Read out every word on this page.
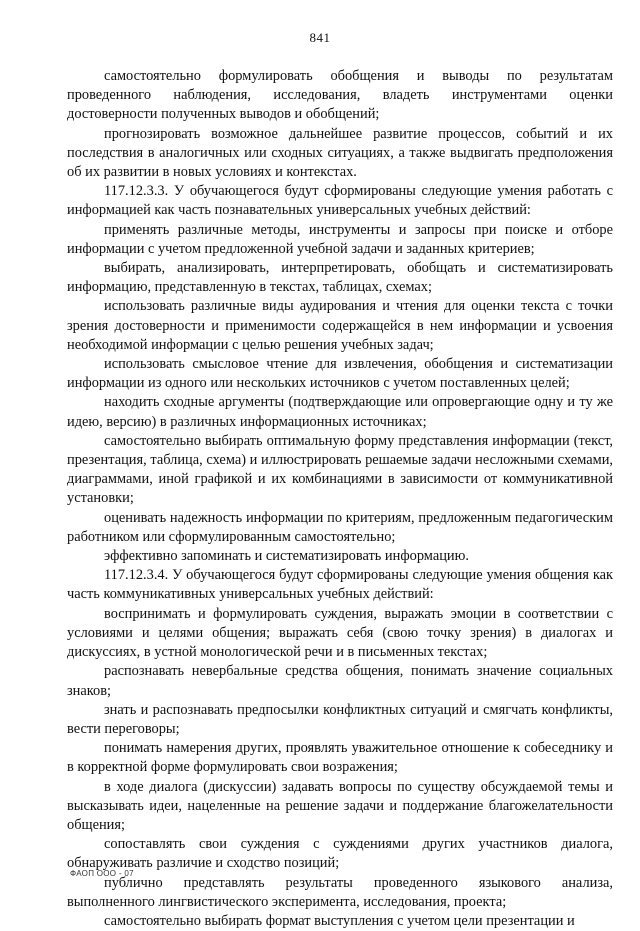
841

самостоятельно формулировать обобщения и выводы по результатам проведенного наблюдения, исследования, владеть инструментами оценки достоверности полученных выводов и обобщений;

прогнозировать возможное дальнейшее развитие процессов, событий и их последствия в аналогичных или сходных ситуациях, а также выдвигать предположения об их развитии в новых условиях и контекстах.

117.12.3.3. У обучающегося будут сформированы следующие умения работать с информацией как часть познавательных универсальных учебных действий:

применять различные методы, инструменты и запросы при поиске и отборе информации с учетом предложенной учебной задачи и заданных критериев;

выбирать, анализировать, интерпретировать, обобщать и систематизировать информацию, представленную в текстах, таблицах, схемах;

использовать различные виды аудирования и чтения для оценки текста с точки зрения достоверности и применимости содержащейся в нем информации и усвоения необходимой информации с целью решения учебных задач;

использовать смысловое чтение для извлечения, обобщения и систематизации информации из одного или нескольких источников с учетом поставленных целей;

находить сходные аргументы (подтверждающие или опровергающие одну и ту же идею, версию) в различных информационных источниках;

самостоятельно выбирать оптимальную форму представления информации (текст, презентация, таблица, схема) и иллюстрировать решаемые задачи несложными схемами, диаграммами, иной графикой и их комбинациями в зависимости от коммуникативной установки;

оценивать надежность информации по критериям, предложенным педагогическим работником или сформулированным самостоятельно;

эффективно запоминать и систематизировать информацию.

117.12.3.4. У обучающегося будут сформированы следующие умения общения как часть коммуникативных универсальных учебных действий:

воспринимать и формулировать суждения, выражать эмоции в соответствии с условиями и целями общения; выражать себя (свою точку зрения) в диалогах и дискуссиях, в устной монологической речи и в письменных текстах;

распознавать невербальные средства общения, понимать значение социальных знаков;

знать и распознавать предпосылки конфликтных ситуаций и смягчать конфликты, вести переговоры;

понимать намерения других, проявлять уважительное отношение к собеседнику и в корректной форме формулировать свои возражения;

в ходе диалога (дискуссии) задавать вопросы по существу обсуждаемой темы и высказывать идеи, нацеленные на решение задачи и поддержание благожелательности общения;

сопоставлять свои суждения с суждениями других участников диалога, обнаруживать различие и сходство позиций;

публично представлять результаты проведенного языкового анализа, выполненного лингвистического эксперимента, исследования, проекта;

самостоятельно выбирать формат выступления с учетом цели презентации и

ФАОП ООО - 07
